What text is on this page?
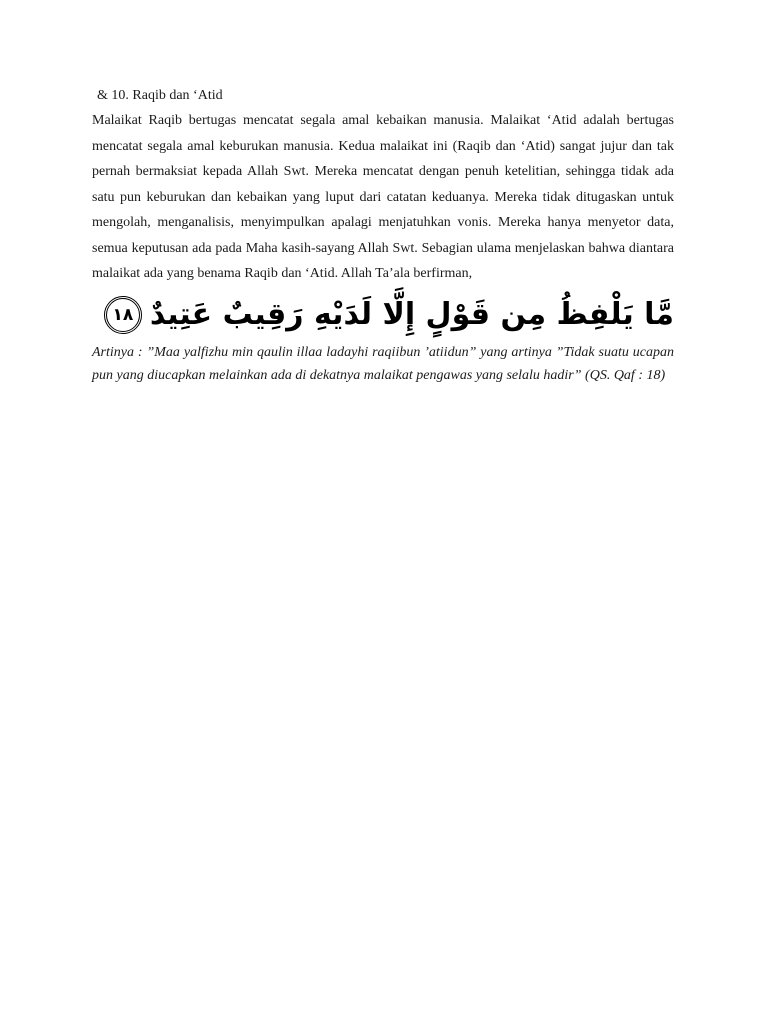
& 10. Raqib dan ‘Atid

Malaikat Raqib bertugas mencatat segala amal kebaikan manusia. Malaikat ‘Atid adalah bertugas mencatat segala amal keburukan manusia. Kedua malaikat ini (Raqib dan ‘Atid) sangat jujur dan tak pernah bermaksiat kepada Allah Swt. Mereka mencatat dengan penuh ketelitian, sehingga tidak ada satu pun keburukan dan kebaikan yang luput dari catatan keduanya. Mereka tidak ditugaskan untuk mengolah, menganalisis, menyimpulkan apalagi menjatuhkan vonis. Mereka hanya menyetor data, semua keputusan ada pada Maha kasih-sayang Allah Swt. Sebagian ulama menjelaskan bahwa diantara malaikat ada yang benama Raqib dan ‘Atid. Allah Ta’ala berfirman,

مَّا يَلْفِظُ مِن قَوْلٍ إِلَّا لَدَيْهِ رَقِيبٌ عَتِيدٌ
١٨

Artinya : ”Maa yalfizhu min qaulin illaa ladayhi raqiibun ’atiidun” yang artinya ”Tidak suatu ucapan pun yang diucapkan melainkan ada di dekatnya malaikat pengawas yang selalu hadir” (QS. Qaf : 18)
